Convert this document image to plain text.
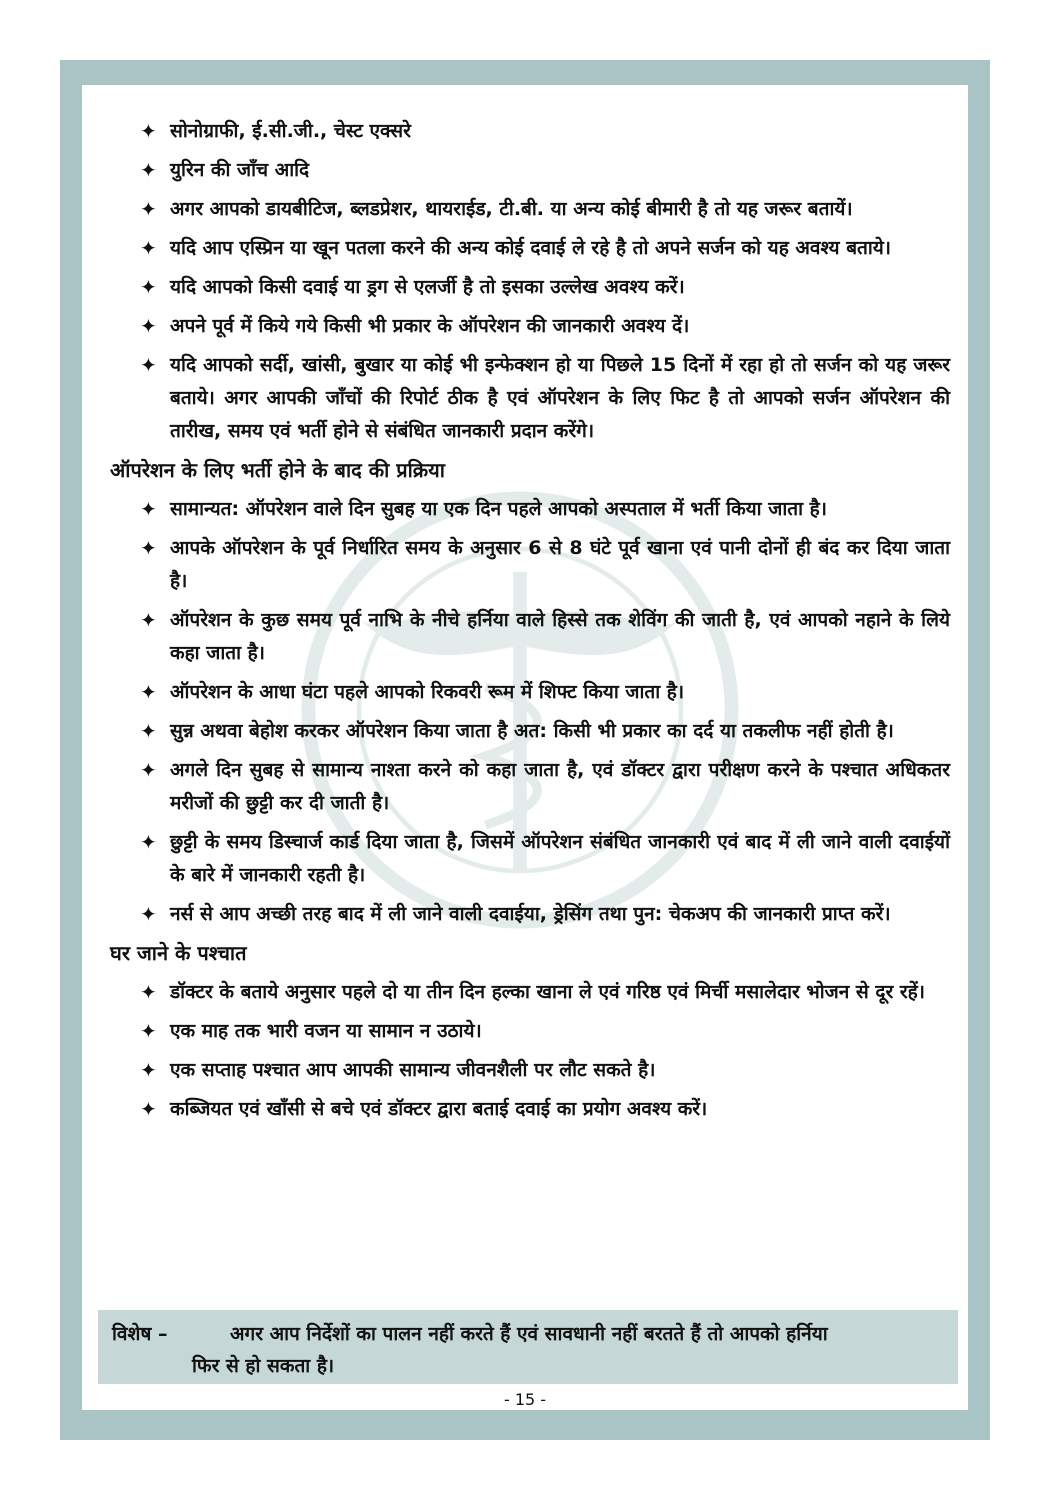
✦ सोनोग्राफी, ई.सी.जी., चेस्ट एक्सरे
✦ युरिन की जाँच आदि
✦ अगर आपको डायबीटिज, ब्लडप्रेशर, थायराईड, टी.बी. या अन्य कोई बीमारी है तो यह जरूर बतायें।
✦ यदि आप एस्प्रिन या खून पतला करने की अन्य कोई दवाई ले रहे है तो अपने सर्जन को यह अवश्य बताये।
✦ यदि आपको किसी दवाई या ड्रग से एलर्जी है तो इसका उल्लेख अवश्य करें।
✦ अपने पूर्व में किये गये किसी भी प्रकार के ऑपरेशन की जानकारी अवश्य दें।
✦ यदि आपको सर्दी, खांसी, बुखार या कोई भी इन्फेक्शन हो या पिछले 15 दिनों में रहा हो तो सर्जन को यह जरूर बताये। अगर आपकी जाँचों की रिपोर्ट ठीक है एवं ऑपरेशन के लिए फिट है तो आपको सर्जन ऑपरेशन की तारीख, समय एवं भर्ती होने से संबंधित जानकारी प्रदान करेंगे।
ऑपरेशन के लिए भर्ती होने के बाद की प्रक्रिया
✦ सामान्यत: ऑपरेशन वाले दिन सुबह या एक दिन पहले आपको अस्पताल में भर्ती किया जाता है।
✦ आपके ऑपरेशन के पूर्व निर्धारित समय के अनुसार 6 से 8 घंटे पूर्व खाना एवं पानी दोनों ही बंद कर दिया जाता है।
✦ ऑपरेशन के कुछ समय पूर्व नाभि के नीचे हर्निया वाले हिस्से तक शेविंग की जाती है, एवं आपको नहाने के लिये कहा जाता है।
✦ ऑपरेशन के आधा घंटा पहले आपको रिकवरी रूम में शिफ्ट किया जाता है।
✦ सुन्न अथवा बेहोश करकर ऑपरेशन किया जाता है अत: किसी भी प्रकार का दर्द या तकलीफ नहीं होती है।
✦ अगले दिन सुबह से सामान्य नाश्ता करने को कहा जाता है, एवं डॉक्टर द्वारा परीक्षण करने के पश्चात अधिकतर मरीजों की छुट्टी कर दी जाती है।
✦ छुट्टी के समय डिस्चार्ज कार्ड दिया जाता है, जिसमें ऑपरेशन संबंधित जानकारी एवं बाद में ली जाने वाली दवाईयों के बारे में जानकारी रहती है।
✦ नर्स से आप अच्छी तरह बाद में ली जाने वाली दवाईया, ड्रेसिंग तथा पुन: चेकअप की जानकारी प्राप्त करें।
घर जाने के पश्चात
✦ डॉक्टर के बताये अनुसार पहले दो या तीन दिन हल्का खाना ले एवं गरिष्ठ एवं मिर्ची मसालेदार भोजन से दूर रहें।
✦ एक माह तक भारी वजन या सामान न उठाये।
✦ एक सप्ताह पश्चात आप आपकी सामान्य जीवनशैली पर लौट सकते है।
✦ कब्जियत एवं खाँसी से बचे एवं डॉक्टर द्वारा बताई दवाई का प्रयोग अवश्य करें।
विशेष –	अगर आप निर्देशों का पालन नहीं करते हैं एवं सावधानी नहीं बरतते हैं तो आपको हर्निया
फिर से हो सकता है।
- 15 -
